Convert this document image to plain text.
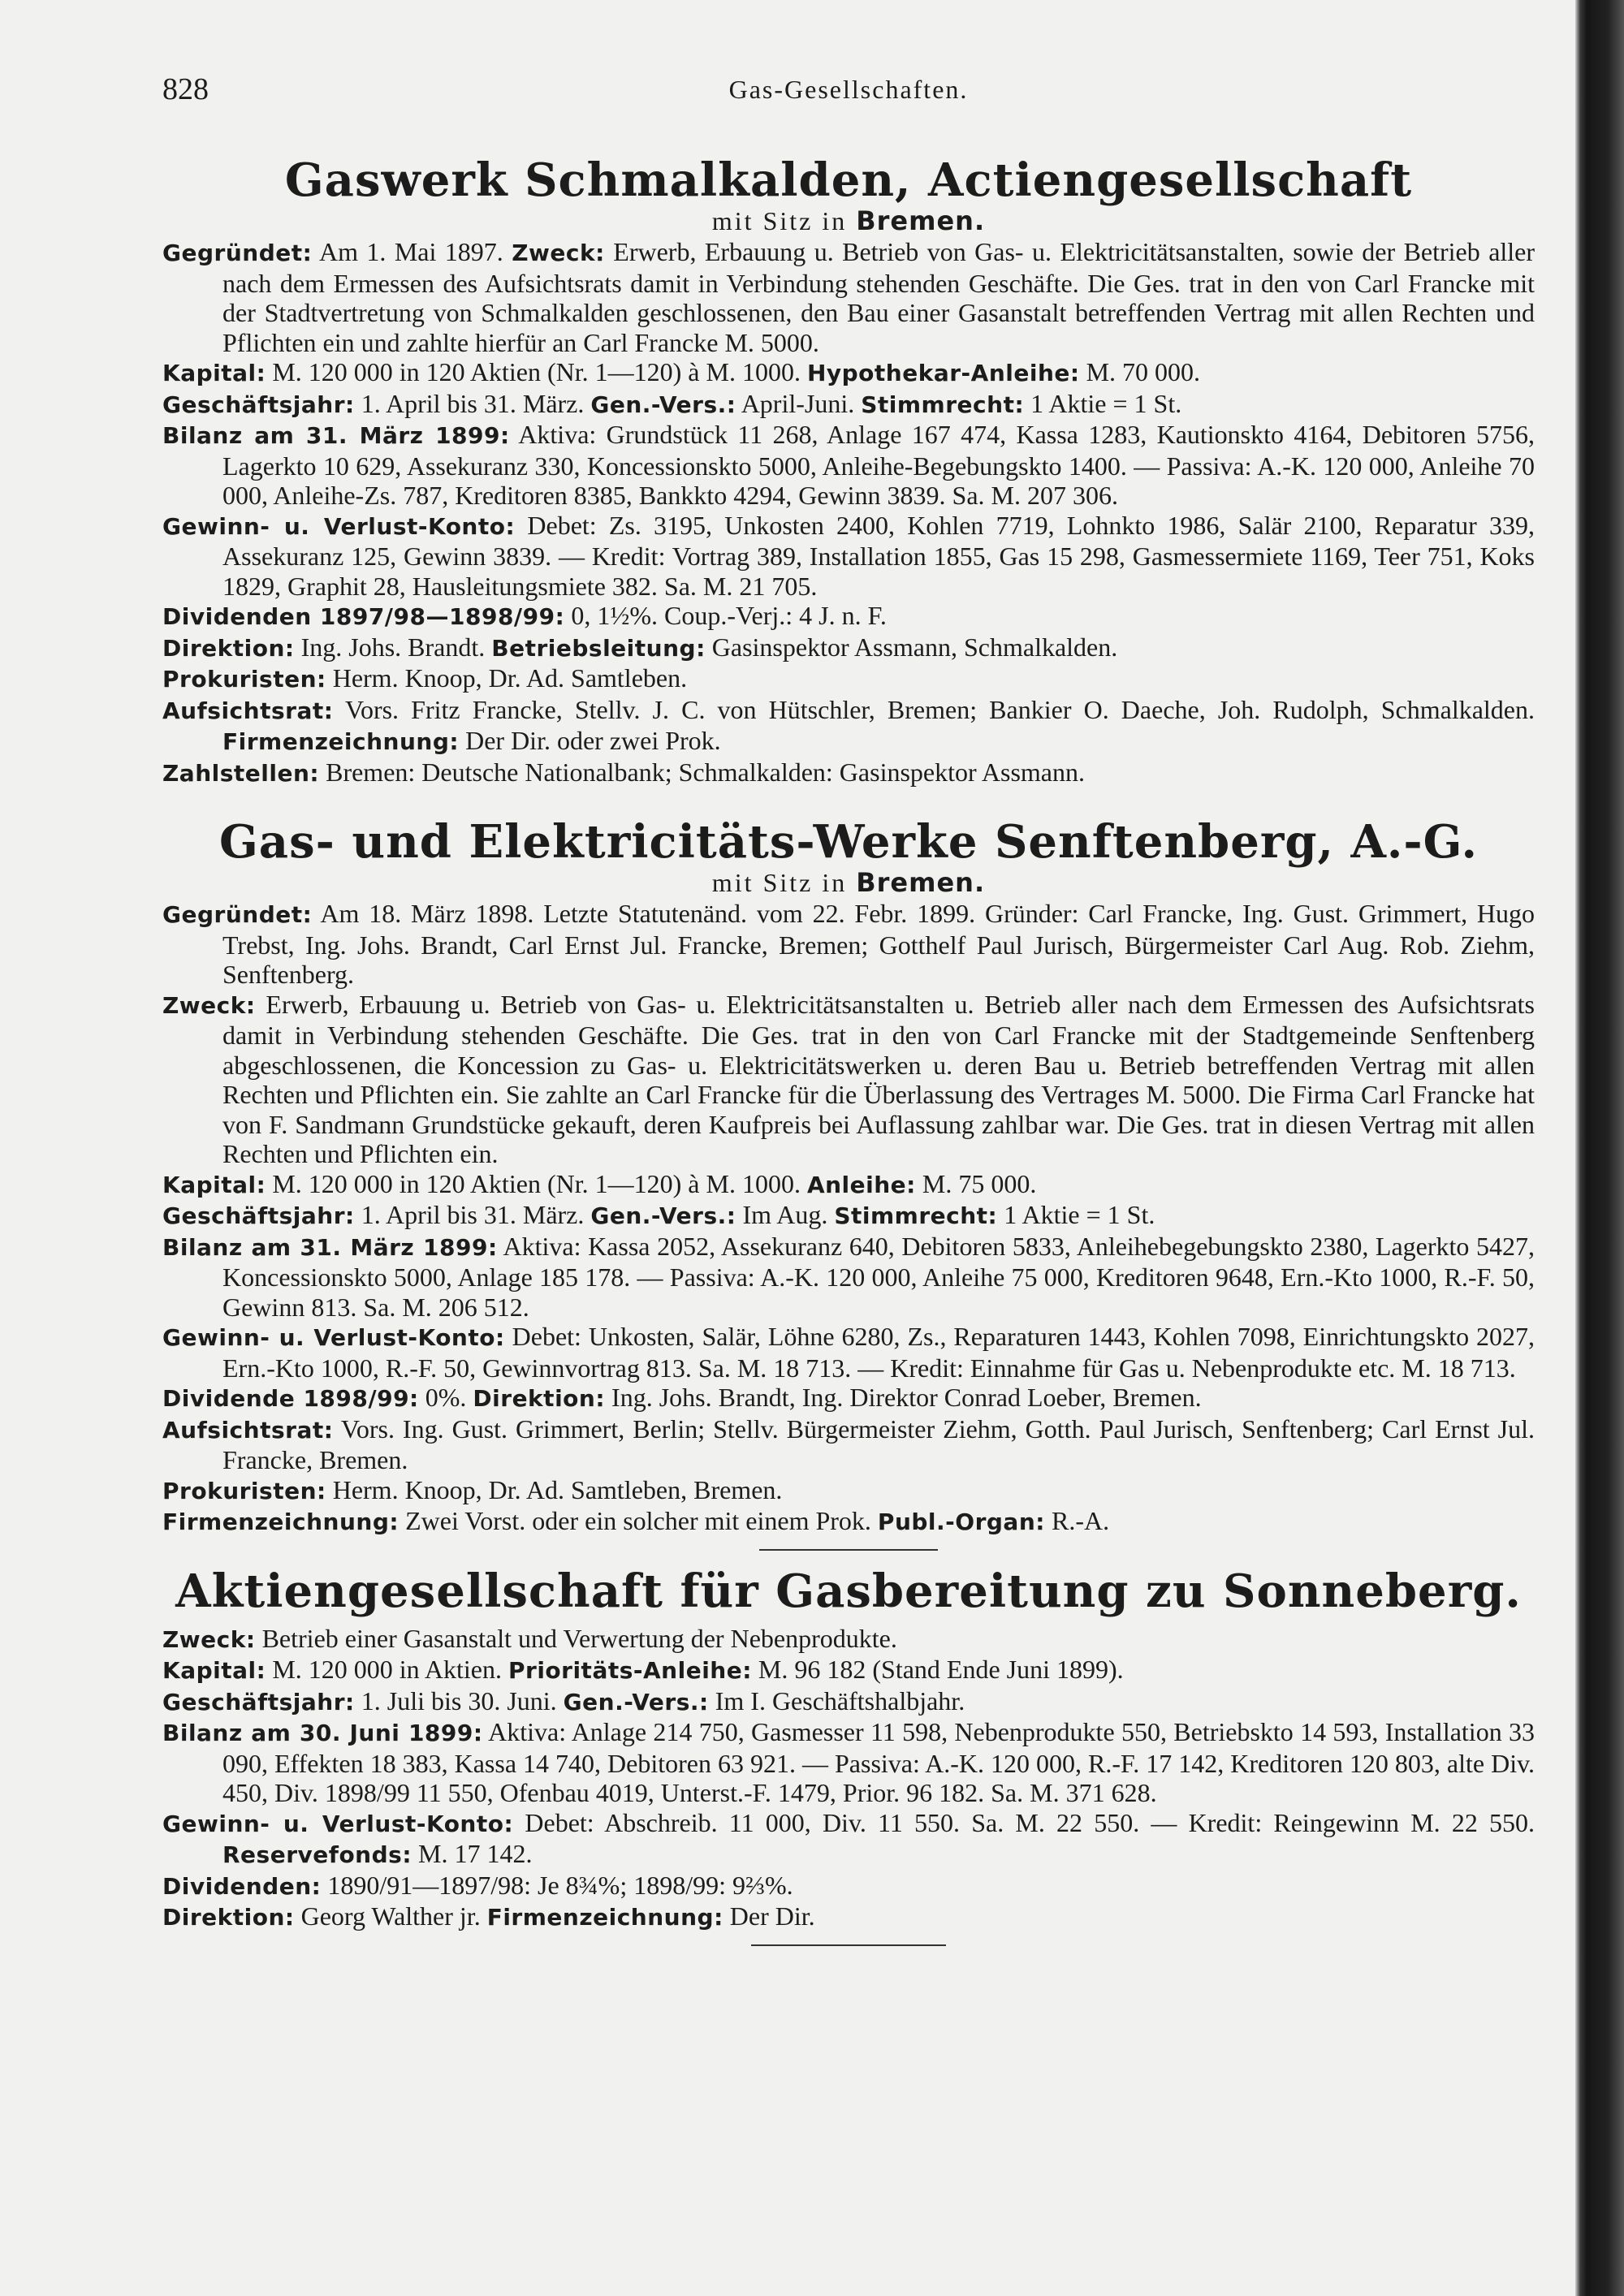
828	Gas-Gesellschaften.
Gaswerk Schmalkalden, Actiengesellschaft
mit Sitz in Bremen.

Gegründet: Am 1. Mai 1897. Zweck: Erwerb, Erbauung u. Betrieb von Gas- u. Elektricitätsanstalten, sowie der Betrieb aller nach dem Ermessen des Aufsichtsrats damit in Verbindung stehenden Geschäfte. Die Ges. trat in den von Carl Francke mit der Stadtvertretung von Schmalkalden geschlossenen, den Bau einer Gasanstalt betreffenden Vertrag mit allen Rechten und Pflichten ein und zahlte hierfür an Carl Francke M. 5000.

Kapital: M. 120 000 in 120 Aktien (Nr. 1—120) à M. 1000. Hypothekar-Anleihe: M. 70 000.

Geschäftsjahr: 1. April bis 31. März. Gen.-Vers.: April-Juni. Stimmrecht: 1 Aktie = 1 St.

Bilanz am 31. März 1899: Aktiva: Grundstück 11 268, Anlage 167 474, Kassa 1283, Kautionskto 4164, Debitoren 5756, Lagerkto 10 629, Assekuranz 330, Koncessionskto 5000, Anleihe-Begebungskto 1400. — Passiva: A.-K. 120 000, Anleihe 70 000, Anleihe-Zs. 787, Kreditoren 8385, Bankkto 4294, Gewinn 3839. Sa. M. 207 306.

Gewinn- u. Verlust-Konto: Debet: Zs. 3195, Unkosten 2400, Kohlen 7719, Lohnkto 1986, Salär 2100, Reparatur 339, Assekuranz 125, Gewinn 3839. — Kredit: Vortrag 389, Installation 1855, Gas 15 298, Gasmessermiete 1169, Teer 751, Koks 1829, Graphit 28, Hausleitungsmiete 382. Sa. M. 21 705.

Dividenden 1897/98—1898/99: 0, 1½%. Coup.-Verj.: 4 J. n. F.

Direktion: Ing. Johs. Brandt. Betriebsleitung: Gasinspektor Assmann, Schmalkalden.

Prokuristen: Herm. Knoop, Dr. Ad. Samtleben.

Aufsichtsrat: Vors. Fritz Francke, Stellv. J. C. von Hütschler, Bremen; Bankier O. Daeche, Joh. Rudolph, Schmalkalden. Firmenzeichnung: Der Dir. oder zwei Prok.

Zahlstellen: Bremen: Deutsche Nationalbank; Schmalkalden: Gasinspektor Assmann.

Gas- und Elektricitäts-Werke Senftenberg, A.-G.
mit Sitz in Bremen.

Gegründet: Am 18. März 1898. Letzte Statutenänd. vom 22. Febr. 1899. Gründer: Carl Francke, Ing. Gust. Grimmert, Hugo Trebst, Ing. Johs. Brandt, Carl Ernst Jul. Francke, Bremen; Gotthelf Paul Jurisch, Bürgermeister Carl Aug. Rob. Ziehm, Senftenberg.

Zweck: Erwerb, Erbauung u. Betrieb von Gas- u. Elektricitätsanstalten u. Betrieb aller nach dem Ermessen des Aufsichtsrats damit in Verbindung stehenden Geschäfte. Die Ges. trat in den von Carl Francke mit der Stadtgemeinde Senftenberg abgeschlossenen, die Koncession zu Gas- u. Elektricitätswerken u. deren Bau u. Betrieb betreffenden Vertrag mit allen Rechten und Pflichten ein. Sie zahlte an Carl Francke für die Überlassung des Vertrages M. 5000. Die Firma Carl Francke hat von F. Sandmann Grundstücke gekauft, deren Kaufpreis bei Auflassung zahlbar war. Die Ges. trat in diesen Vertrag mit allen Rechten und Pflichten ein.

Kapital: M. 120 000 in 120 Aktien (Nr. 1—120) à M. 1000. Anleihe: M. 75 000.

Geschäftsjahr: 1. April bis 31. März. Gen.-Vers.: Im Aug. Stimmrecht: 1 Aktie = 1 St.

Bilanz am 31. März 1899: Aktiva: Kassa 2052, Assekuranz 640, Debitoren 5833, Anleihebegebungskto 2380, Lagerkto 5427, Koncessionskto 5000, Anlage 185 178. — Passiva: A.-K. 120 000, Anleihe 75 000, Kreditoren 9648, Ern.-Kto 1000, R.-F. 50, Gewinn 813. Sa. M. 206 512.

Gewinn- u. Verlust-Konto: Debet: Unkosten, Salär, Löhne 6280, Zs., Reparaturen 1443, Kohlen 7098, Einrichtungskto 2027, Ern.-Kto 1000, R.-F. 50, Gewinnvortrag 813. Sa. M. 18 713. — Kredit: Einnahme für Gas u. Nebenprodukte etc. M. 18 713.

Dividende 1898/99: 0%. Direktion: Ing. Johs. Brandt, Ing. Direktor Conrad Loeber, Bremen.

Aufsichtsrat: Vors. Ing. Gust. Grimmert, Berlin; Stellv. Bürgermeister Ziehm, Gotth. Paul Jurisch, Senftenberg; Carl Ernst Jul. Francke, Bremen.

Prokuristen: Herm. Knoop, Dr. Ad. Samtleben, Bremen.

Firmenzeichnung: Zwei Vorst. oder ein solcher mit einem Prok. Publ.-Organ: R.-A.

Aktiengesellschaft für Gasbereitung zu Sonneberg.

Zweck: Betrieb einer Gasanstalt und Verwertung der Nebenprodukte.

Kapital: M. 120 000 in Aktien. Prioritäts-Anleihe: M. 96 182 (Stand Ende Juni 1899).

Geschäftsjahr: 1. Juli bis 30. Juni. Gen.-Vers.: Im I. Geschäftshalbjahr.

Bilanz am 30. Juni 1899: Aktiva: Anlage 214 750, Gasmesser 11 598, Nebenprodukte 550, Betriebskto 14 593, Installation 33 090, Effekten 18 383, Kassa 14 740, Debitoren 63 921. — Passiva: A.-K. 120 000, R.-F. 17 142, Kreditoren 120 803, alte Div. 450, Div. 1898/99 11 550, Ofenbau 4019, Unterst.-F. 1479, Prior. 96 182. Sa. M. 371 628.

Gewinn- u. Verlust-Konto: Debet: Abschreib. 11 000, Div. 11 550. Sa. M. 22 550. — Kredit: Reingewinn M. 22 550. Reservefonds: M. 17 142.

Dividenden: 1890/91—1897/98: Je 8¾%; 1898/99: 9⅔%.

Direktion: Georg Walther jr. Firmenzeichnung: Der Dir.
